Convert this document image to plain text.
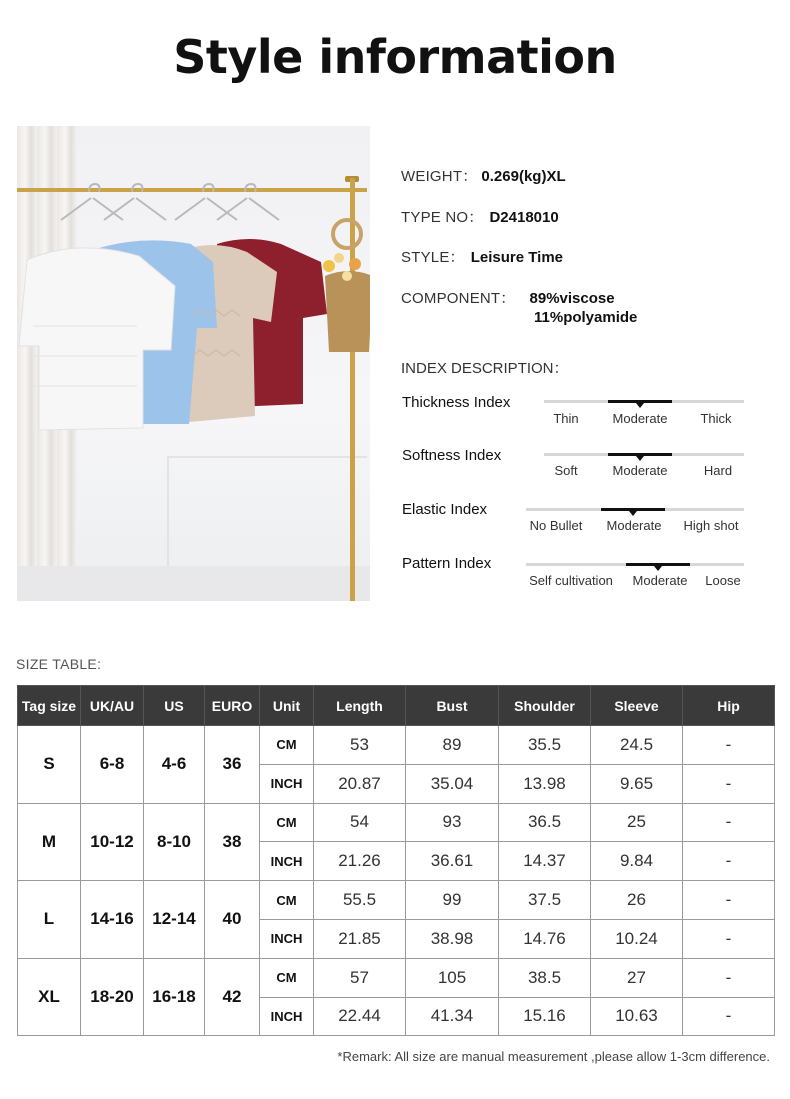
Style information
WEIGHT： 0.269(kg)XL
TYPE NO： D2418010
STYLE： Leisure Time
COMPONENT： 89%viscose
11%polyamide
INDEX DESCRIPTION：
Thickness Index
Thin	Moderate	Thick
Softness Index
Soft	Moderate	Hard
Elastic Index
No Bullet	Moderate	High shot
Pattern Index
Self cultivation	Moderate	Loose
SIZE TABLE:
Tag size	UK/AU	US	EURO	Unit	Length	Bust	Shoulder	Sleeve	Hip
S	6-8	4-6	36	CM	53	89	35.5	24.5	-
				INCH	20.87	35.04	13.98	9.65	-
M	10-12	8-10	38	CM	54	93	36.5	25	-
				INCH	21.26	36.61	14.37	9.84	-
L	14-16	12-14	40	CM	55.5	99	37.5	26	-
				INCH	21.85	38.98	14.76	10.24	-
XL	18-20	16-18	42	CM	57	105	38.5	27	-
				INCH	22.44	41.34	15.16	10.63	-
*Remark: All size are manual measurement ,please allow 1-3cm difference.
